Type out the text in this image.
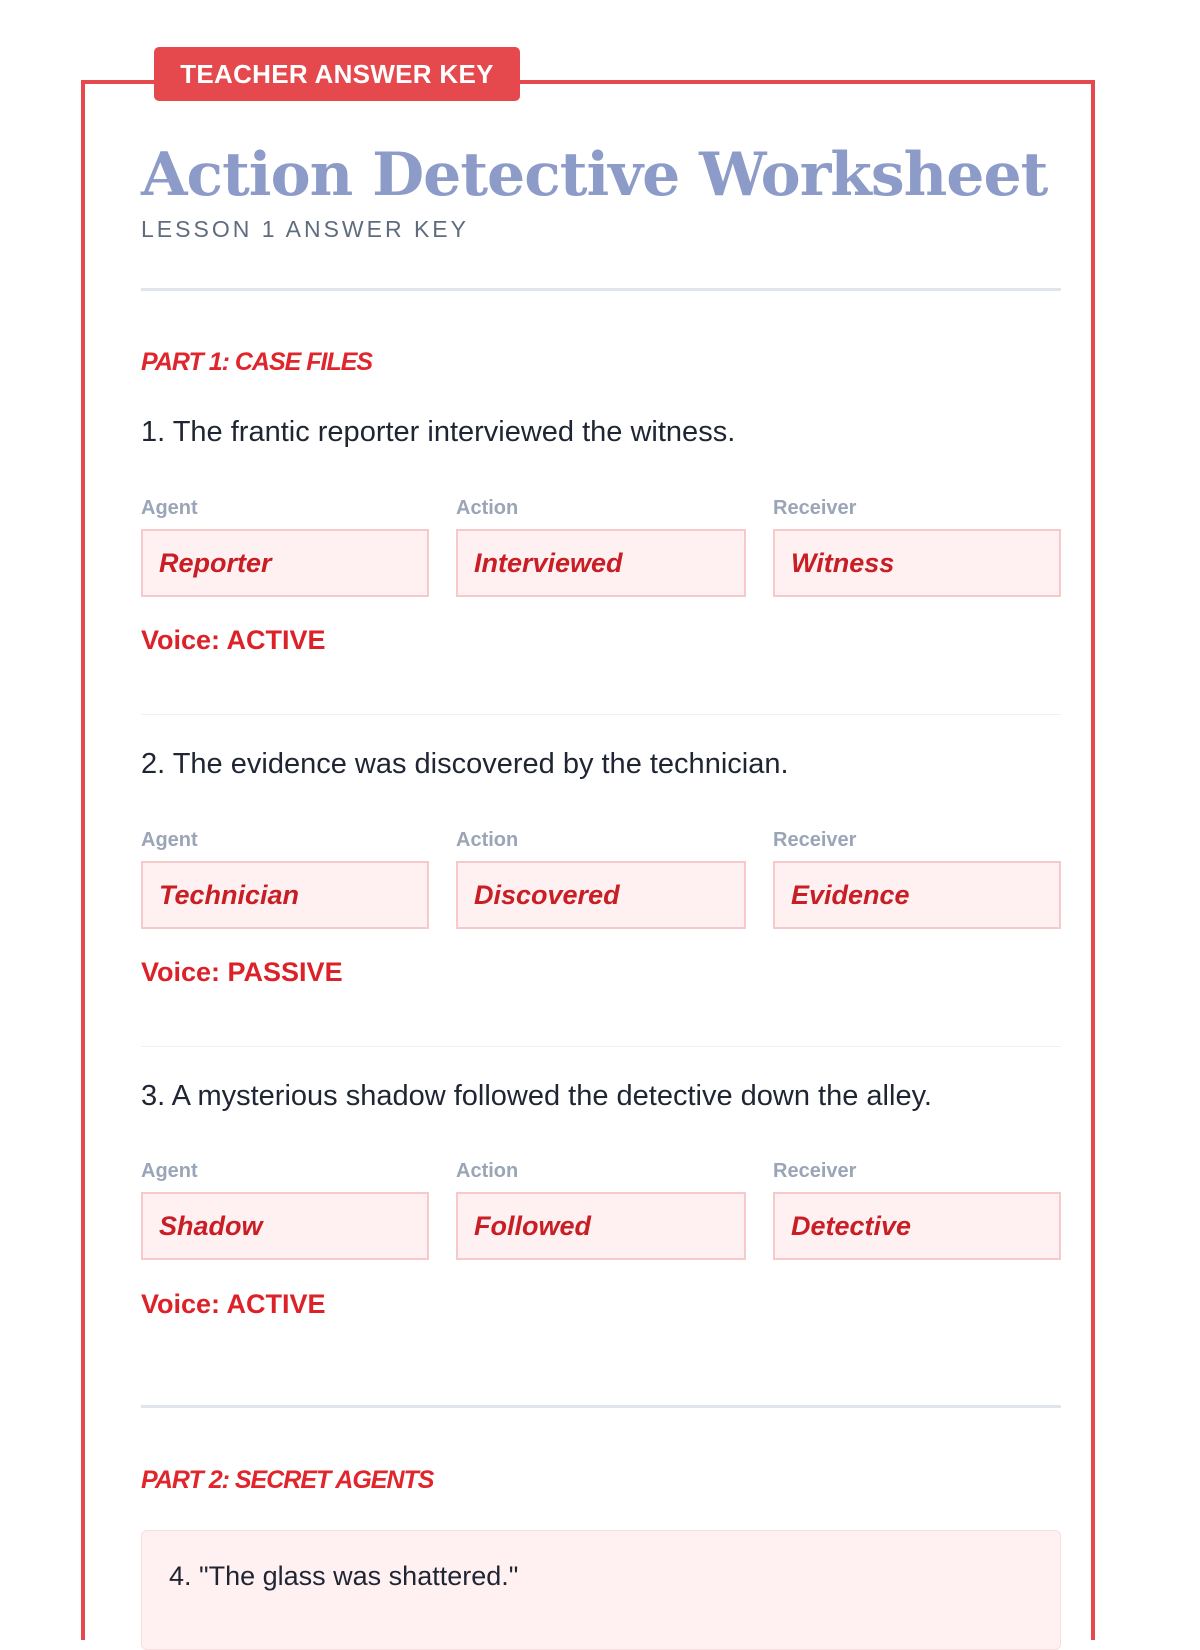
TEACHER ANSWER KEY
Action Detective Worksheet
LESSON 1 ANSWER KEY
PART 1: CASE FILES
1. The frantic reporter interviewed the witness.
Agent
Reporter
Action
Interviewed
Receiver
Witness
Voice: ACTIVE
2. The evidence was discovered by the technician.
Agent
Technician
Action
Discovered
Receiver
Evidence
Voice: PASSIVE
3. A mysterious shadow followed the detective down the alley.
Agent
Shadow
Action
Followed
Receiver
Detective
Voice: ACTIVE
PART 2: SECRET AGENTS
4. "The glass was shattered."
